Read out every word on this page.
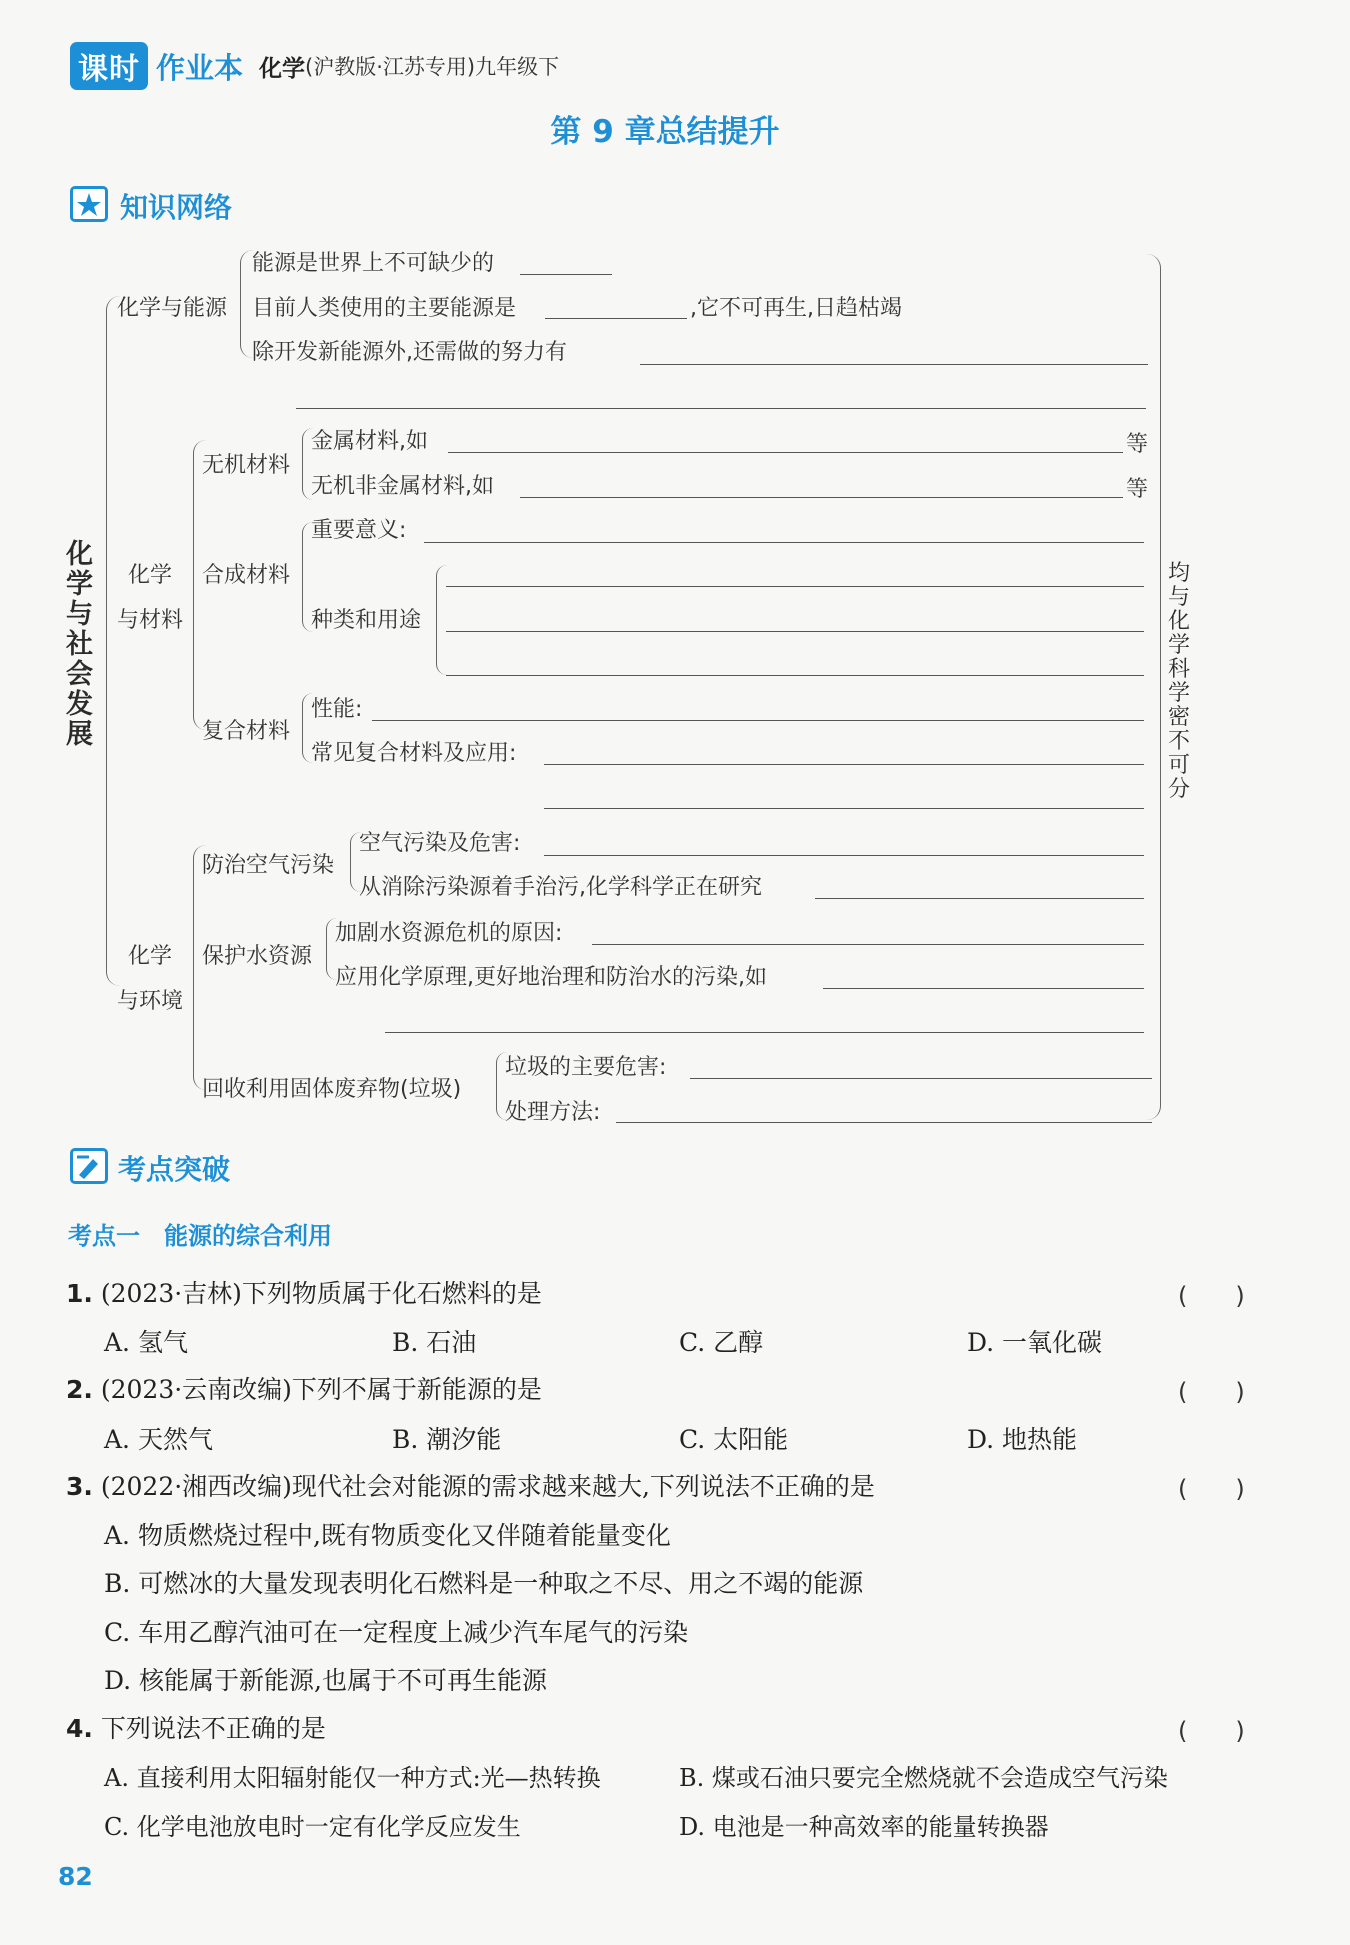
课时 作业本 化学 (沪教版·江苏专用)九年级下
第 9 章总结提升
知识网络
化学与社会发展
化学与能源
能源是世界上不可缺少的
目前人类使用的主要能源是	,它不可再生,日趋枯竭
除开发新能源外,还需做的努力有
化学
与材料
无机材料
金属材料,如	等
无机非金属材料,如	等
合成材料
重要意义:
种类和用途
复合材料
性能:
常见复合材料及应用:
化学
与环境
防治空气污染
空气污染及危害:
从消除污染源着手治污,化学科学正在研究
保护水资源
加剧水资源危机的原因:
应用化学原理,更好地治理和防治水的污染,如
回收利用固体废弃物(垃圾)
垃圾的主要危害:
处理方法:
均与化学科学密不可分
考点突破
考点一　能源的综合利用
1. (2023·吉林)下列物质属于化石燃料的是	(　　)
A. 氢气	B. 石油	C. 乙醇	D. 一氧化碳
2. (2023·云南改编)下列不属于新能源的是	(　　)
A. 天然气	B. 潮汐能	C. 太阳能	D. 地热能
3. (2022·湘西改编)现代社会对能源的需求越来越大,下列说法不正确的是	(　　)
A. 物质燃烧过程中,既有物质变化又伴随着能量变化
B. 可燃冰的大量发现表明化石燃料是一种取之不尽、用之不竭的能源
C. 车用乙醇汽油可在一定程度上减少汽车尾气的污染
D. 核能属于新能源,也属于不可再生能源
4. 下列说法不正确的是	(　　)
A. 直接利用太阳辐射能仅一种方式:光—热转换	B. 煤或石油只要完全燃烧就不会造成空气污染
C. 化学电池放电时一定有化学反应发生	D. 电池是一种高效率的能量转换器
82
